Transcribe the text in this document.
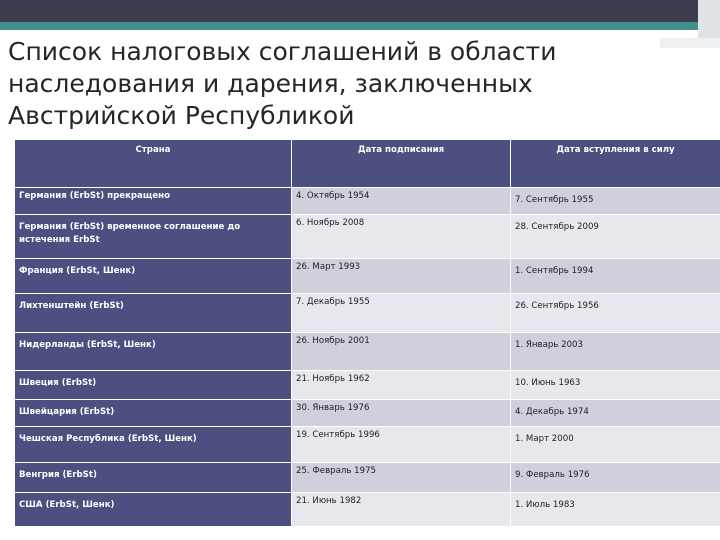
Список налоговых соглашений в области
наследования и дарения, заключенных
Австрийской Республикой
Страна	Дата подписания	Дата вступления в силу
Германия (ErbSt) прекращено	4. Октябрь 1954	7. Сентябрь 1955
Германия (ErbSt) временное соглашение до истечения ErbSt	6. Ноябрь 2008	28. Сентябрь 2009
Франция (ErbSt, Шенк)	26. Март 1993	1. Сентябрь 1994
Лихтенштейн (ErbSt)	7. Декабрь 1955	26. Сентябрь 1956
Нидерланды (ErbSt, Шенк)	26. Ноябрь 2001	1. Январь 2003
Швеция (ErbSt)	21. Ноябрь 1962	10. Июнь 1963
Швейцария (ErbSt)	30. Январь 1976	4. Декабрь 1974
Чешская Республика (ErbSt, Шенк)	19. Сентябрь 1996	1. Март 2000
Венгрия (ErbSt)	25. Февраль 1975	9. Февраль 1976
США (ErbSt, Шенк)	21. Июнь 1982	1. Июль 1983
